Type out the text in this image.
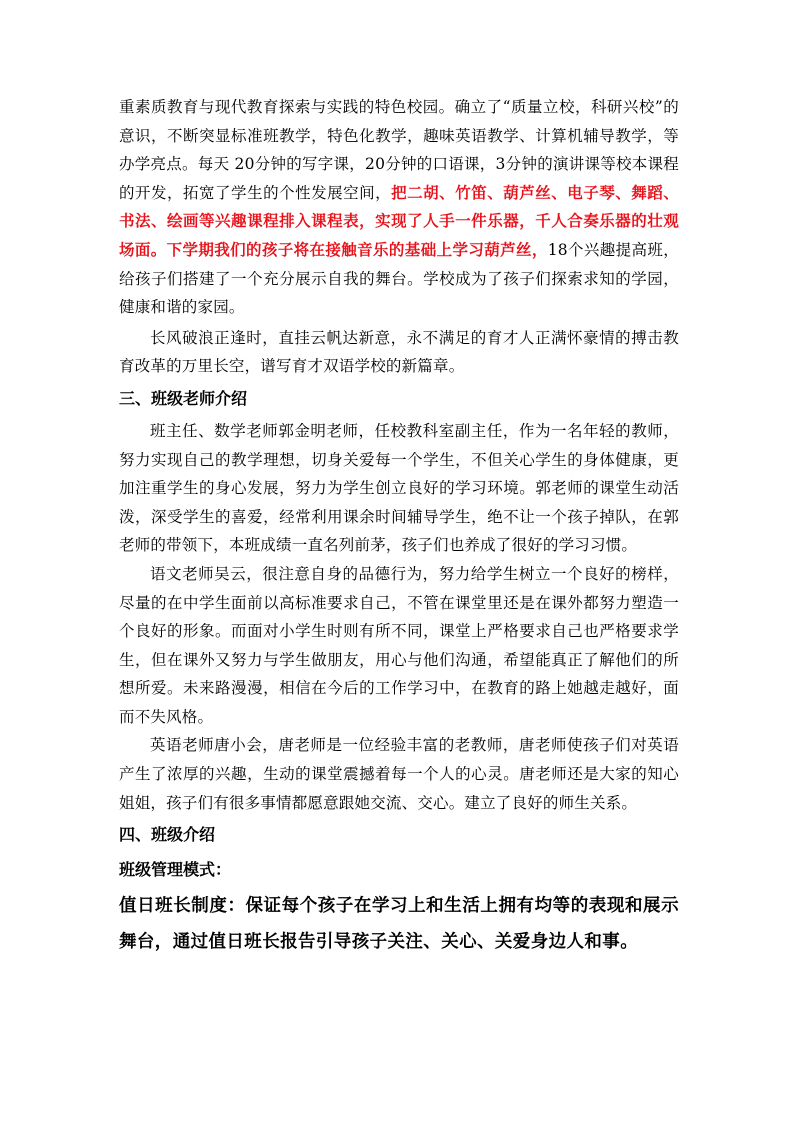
重素质教育与现代教育探索与实践的特色校园。确立了“质量立校，科研兴校”的意识，不断突显标准班教学，特色化教学，趣味英语教学、计算机辅导教学，等办学亮点。每天 20分钟的写字课，20分钟的口语课，3分钟的演讲课等校本课程的开发，拓宽了学生的个性发展空间，把二胡、竹笛、葫芦丝、电子琴、舞蹈、书法、绘画等兴趣课程排入课程表，实现了人手一件乐器，千人合奏乐器的壮观场面。下学期我们的孩子将在接触音乐的基础上学习葫芦丝，18个兴趣提高班，给孩子们搭建了一个充分展示自我的舞台。学校成为了孩子们探索求知的学园，健康和谐的家园。

长风破浪正逢时，直挂云帆达新意，永不满足的育才人正满怀豪情的搏击教育改革的万里长空，谱写育才双语学校的新篇章。

三、班级老师介绍

班主任、数学老师郭金明老师，任校教科室副主任，作为一名年轻的教师，努力实现自己的教学理想，切身关爱每一个学生，不但关心学生的身体健康，更加注重学生的身心发展，努力为学生创立良好的学习环境。郭老师的课堂生动活泼，深受学生的喜爱，经常利用课余时间辅导学生，绝不让一个孩子掉队，在郭老师的带领下，本班成绩一直名列前茅，孩子们也养成了很好的学习习惯。

语文老师吴云，很注意自身的品德行为，努力给学生树立一个良好的榜样，尽量的在中学生面前以高标准要求自己，不管在课堂里还是在课外都努力塑造一个良好的形象。而面对小学生时则有所不同，课堂上严格要求自己也严格要求学生，但在课外又努力与学生做朋友，用心与他们沟通，希望能真正了解他们的所想所爱。未来路漫漫，相信在今后的工作学习中，在教育的路上她越走越好，面而不失风格。

英语老师唐小会，唐老师是一位经验丰富的老教师，唐老师使孩子们对英语产生了浓厚的兴趣，生动的课堂震撼着每一个人的心灵。唐老师还是大家的知心姐姐，孩子们有很多事情都愿意跟她交流、交心。建立了良好的师生关系。

四、班级介绍
班级管理模式：

值日班长制度：保证每个孩子在学习上和生活上拥有均等的表现和展示舞台，通过值日班长报告引导孩子关注、关心、关爱身边人和事。
